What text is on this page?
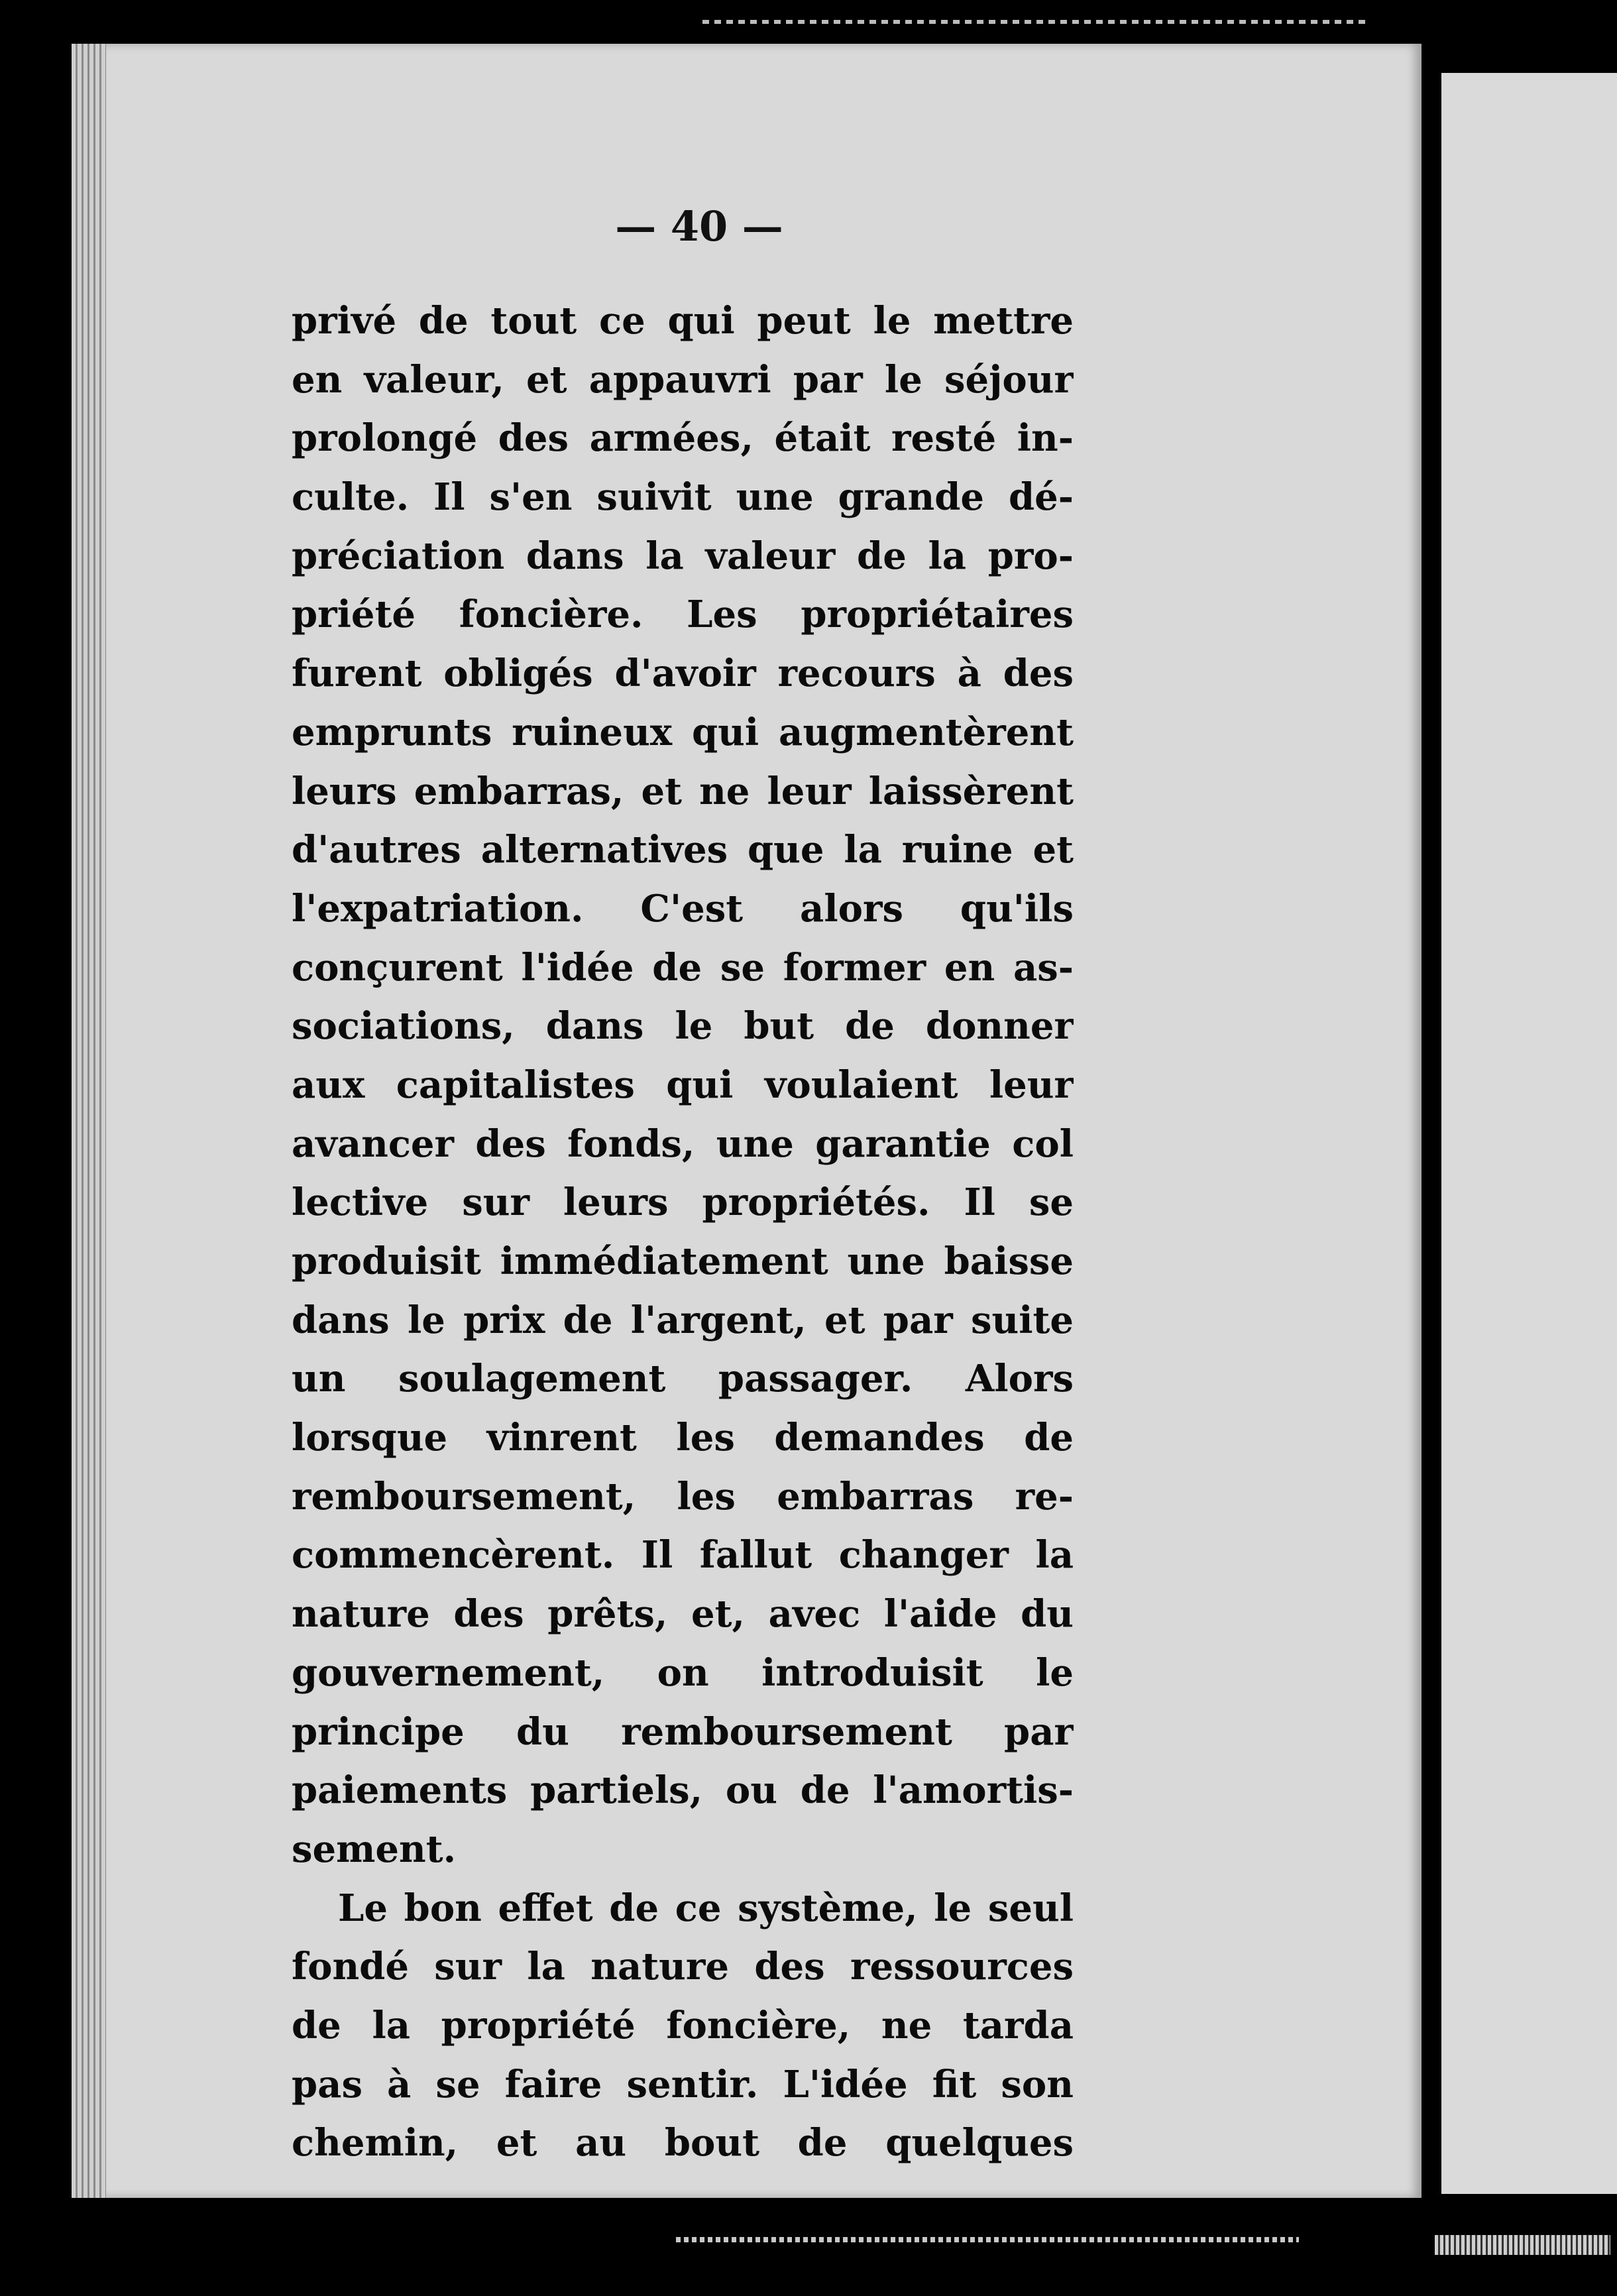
— 40 —
privé de tout ce qui peut le mettre
en valeur, et appauvri par le séjour
prolongé des armées, était resté in-
culte. Il s'en suivit une grande dé-
préciation dans la valeur de la pro-
priété foncière. Les propriétaires
furent obligés d'avoir recours à des
emprunts ruineux qui augmentèrent
leurs embarras, et ne leur laissèrent
d'autres alternatives que la ruine et
l'expatriation. C'est alors qu'ils
conçurent l'idée de se former en as-
sociations, dans le but de donner
aux capitalistes qui voulaient leur
avancer des fonds, une garantie col
lective sur leurs propriétés. Il se
produisit immédiatement une baisse
dans le prix de l'argent, et par suite
un soulagement passager. Alors
lorsque vinrent les demandes de
remboursement, les embarras re-
commencèrent. Il fallut changer la
nature des prêts, et, avec l'aide du
gouvernement, on introduisit le
principe du remboursement par
paiements partiels, ou de l'amortis-
sement.
Le bon effet de ce système, le seul
fondé sur la nature des ressources
de la propriété foncière, ne tarda
pas à se faire sentir. L'idée fit son
chemin, et au bout de quelques
